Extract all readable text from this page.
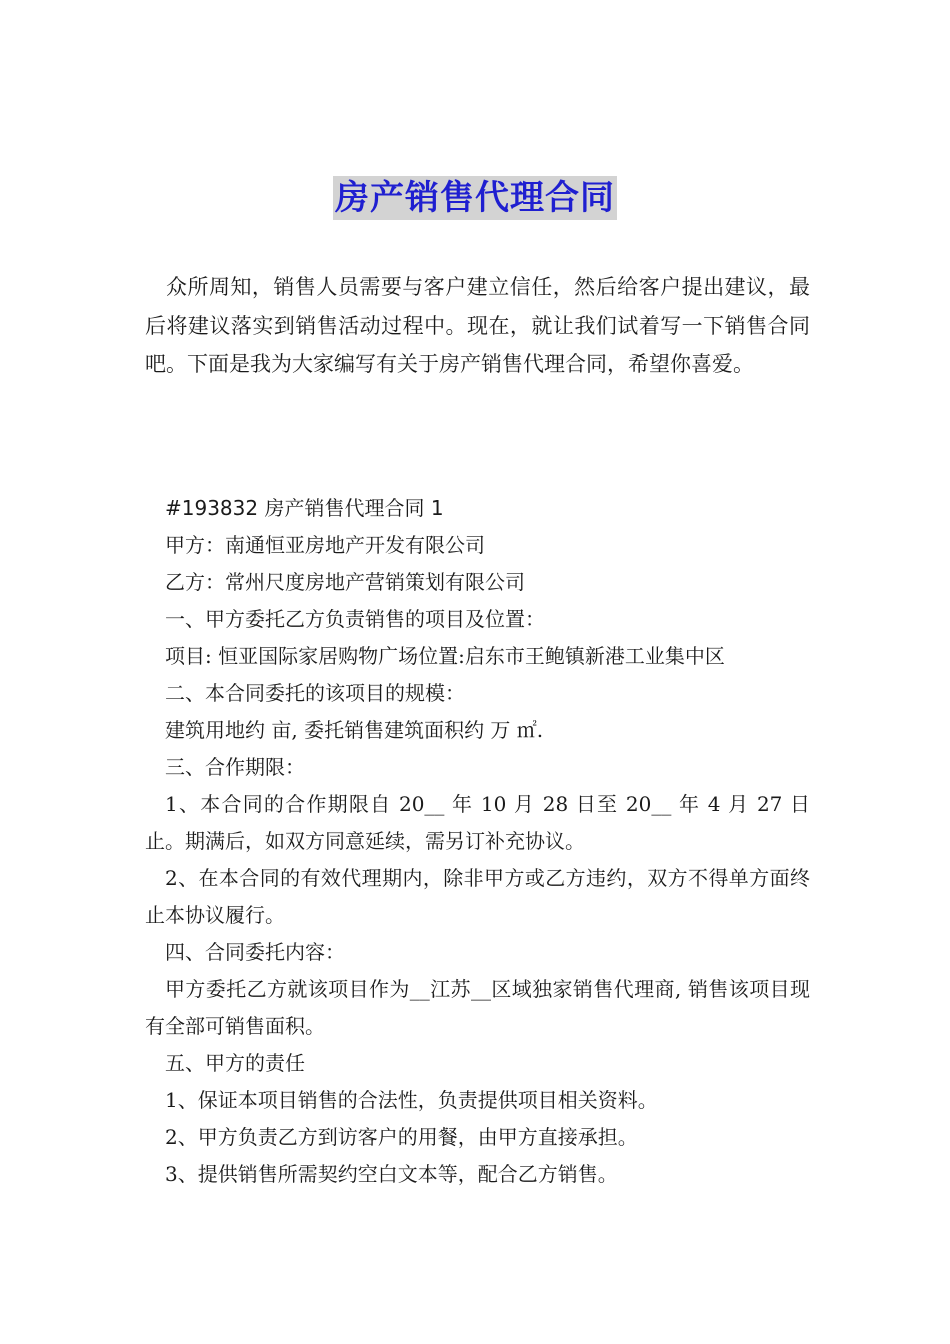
房产销售代理合同

众所周知，销售人员需要与客户建立信任，然后给客户提出建议，最后将建议落实到销售活动过程中。现在，就让我们试着写一下销售合同吧。下面是我为大家编写有关于房产销售代理合同，希望你喜爱。

#193832 房产销售代理合同 1

甲方：南通恒亚房地产开发有限公司

乙方：常州尺度房地产营销策划有限公司

一、甲方委托乙方负责销售的项目及位置：

项目: 恒亚国际家居购物广场位置:启东市王鲍镇新港工业集中区

二、本合同委托的该项目的规模：

建筑用地约 亩, 委托销售建筑面积约 万 ㎡.

三、合作期限：

1、本合同的合作期限自 20__ 年 10 月 28 日至 20__ 年 4 月 27 日止。期满后，如双方同意延续，需另订补充协议。

2、在本合同的有效代理期内，除非甲方或乙方违约，双方不得单方面终止本协议履行。

四、合同委托内容：

甲方委托乙方就该项目作为__江苏__区域独家销售代理商, 销售该项目现有全部可销售面积。

五、甲方的责任

1、保证本项目销售的合法性，负责提供项目相关资料。

2、甲方负责乙方到访客户的用餐，由甲方直接承担。

3、提供销售所需契约空白文本等，配合乙方销售。
